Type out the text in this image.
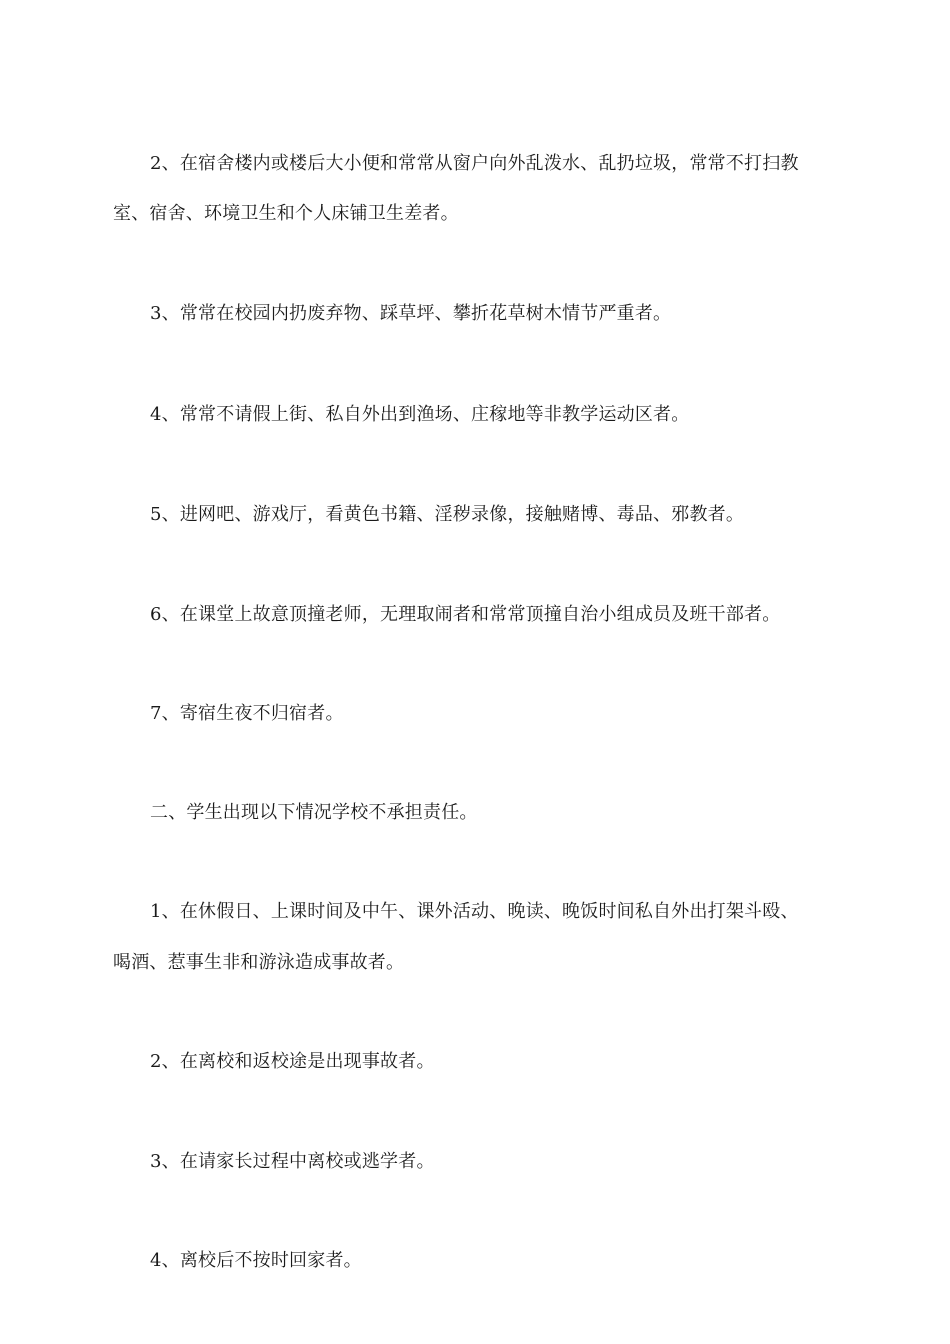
2、在宿舍楼内或楼后大小便和常常从窗户向外乱泼水、乱扔垃圾，常常不打扫教
室、宿舍、环境卫生和个人床铺卫生差者。
3、常常在校园内扔废弃物、踩草坪、攀折花草树木情节严重者。
4、常常不请假上街、私自外出到渔场、庄稼地等非教学运动区者。
5、进网吧、游戏厅，看黄色书籍、淫秽录像，接触赌博、毒品、邪教者。
6、在课堂上故意顶撞老师，无理取闹者和常常顶撞自治小组成员及班干部者。
7、寄宿生夜不归宿者。
二、学生出现以下情况学校不承担责任。
1、在休假日、上课时间及中午、课外活动、晚读、晚饭时间私自外出打架斗殴、
喝酒、惹事生非和游泳造成事故者。
2、在离校和返校途是出现事故者。
3、在请家长过程中离校或逃学者。
4、离校后不按时回家者。
